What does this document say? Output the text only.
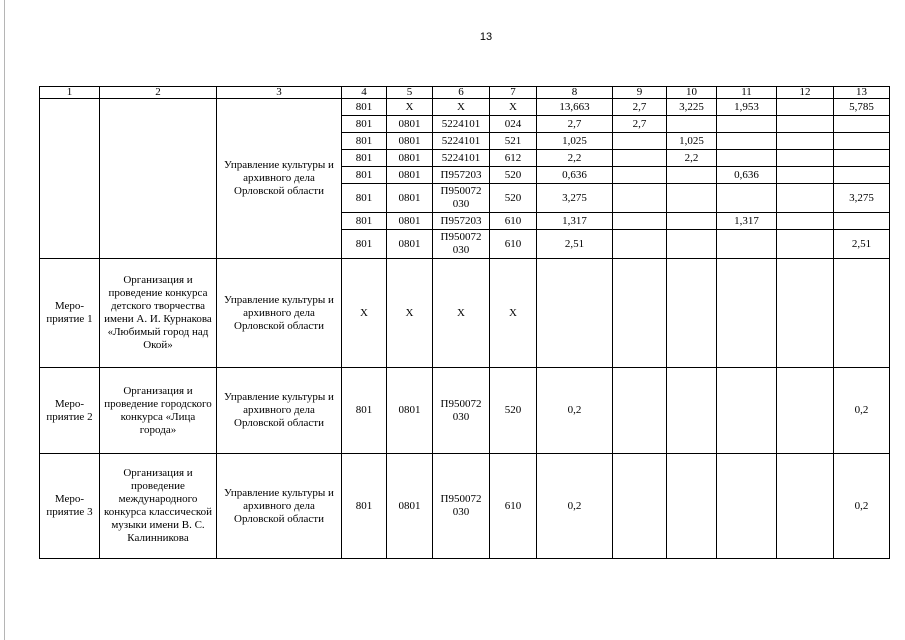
13
1	2	3	4	5	6	7	8	9	10	11	12	13
		Управление культуры и архивного дела Орловской области	801	X	X	X	13,663	2,7	3,225	1,953		5,785
			801	0801	5224101	024	2,7	2,7				
			801	0801	5224101	521	1,025		1,025			
			801	0801	5224101	612	2,2		2,2			
			801	0801	П957203	520	0,636			0,636		
			801	0801	П950072 030	520	3,275					3,275
			801	0801	П957203	610	1,317			1,317		
			801	0801	П950072 030	610	2,51					2,51
Меро-приятие 1	Организация и проведение конкурса детского творчества имени А. И. Курнакова «Любимый город над Окой»	Управление культуры и архивного дела Орловской области	X	X	X	X						
Меро-приятие 2	Организация и проведение городского конкурса «Лица города»	Управление культуры и архивного дела Орловской области	801	0801	П950072 030	520	0,2					0,2
Меро-приятие 3	Организация и проведение международного конкурса классической музыки имени В. С. Калинникова	Управление культуры и архивного дела Орловской области	801	0801	П950072 030	610	0,2					0,2
